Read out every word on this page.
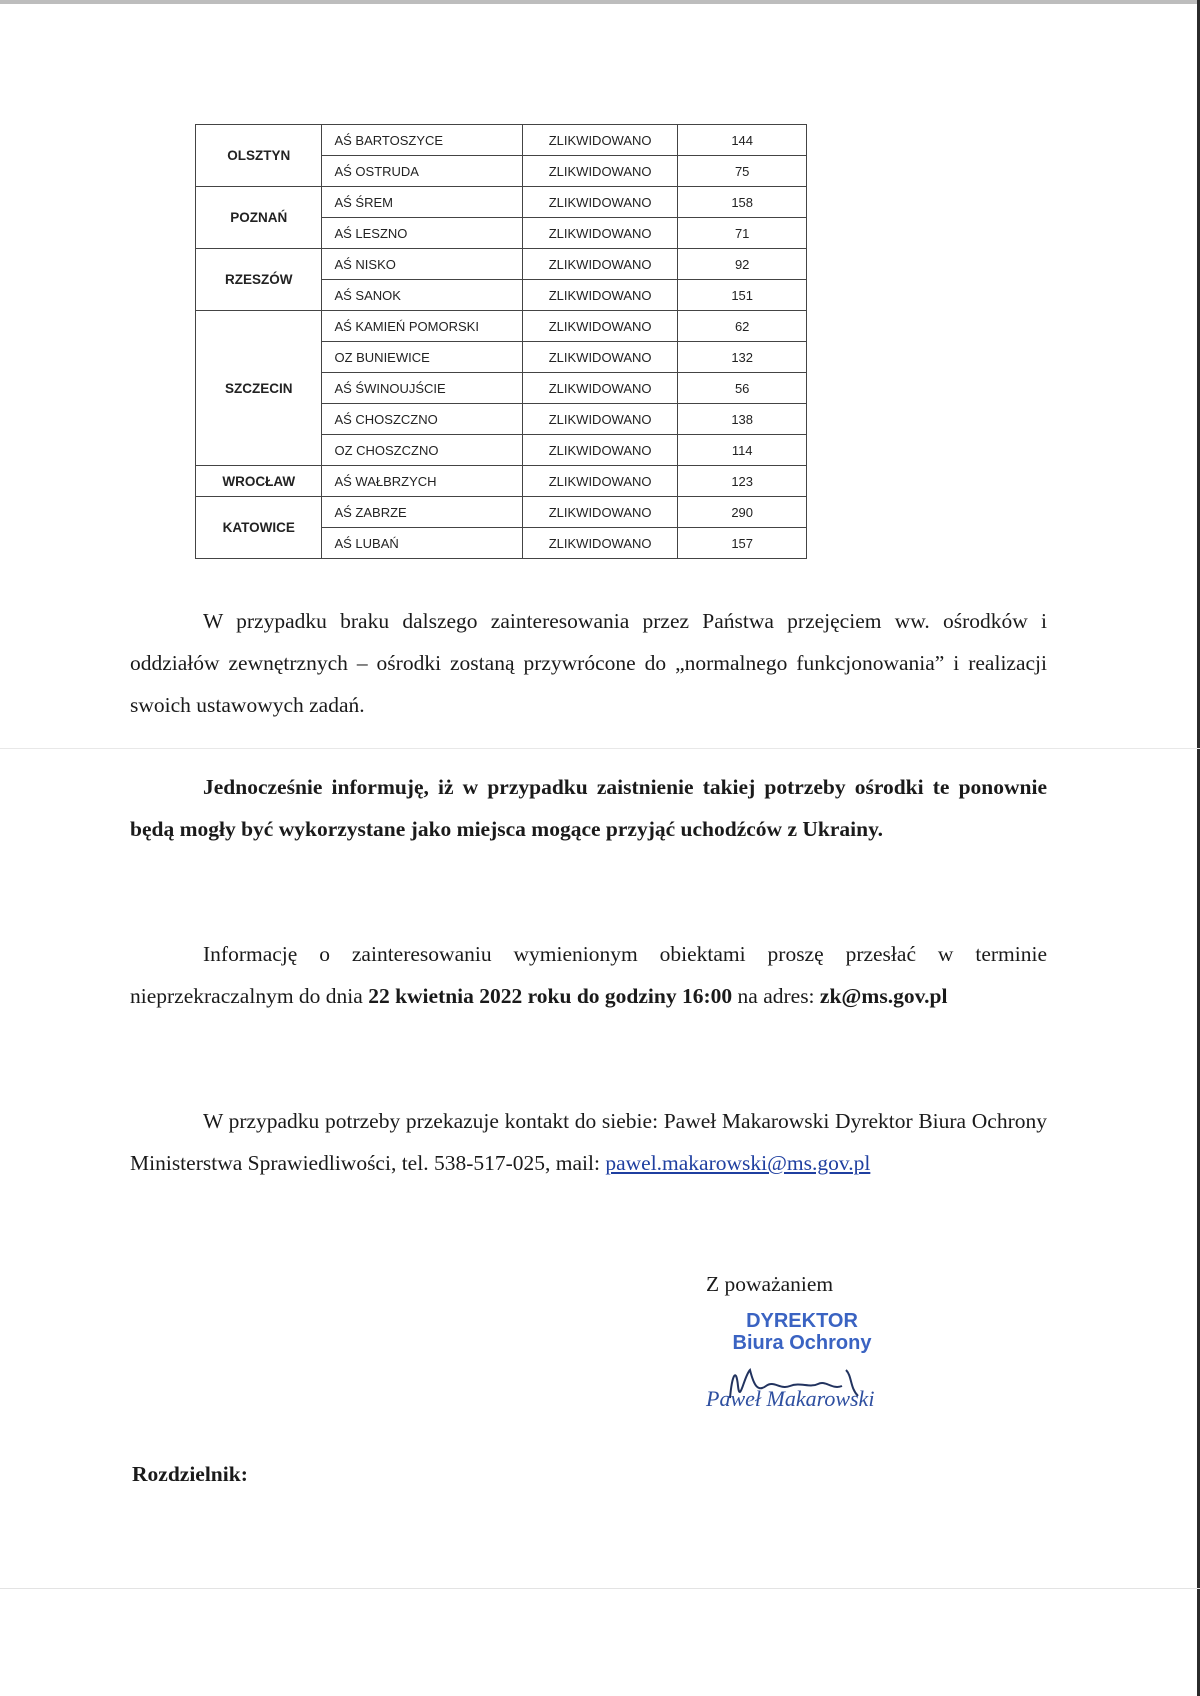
OLSZTYN	AŚ BARTOSZYCE	ZLIKWIDOWANO	144
	AŚ OSTRUDA	ZLIKWIDOWANO	75
POZNAŃ	AŚ ŚREM	ZLIKWIDOWANO	158
	AŚ LESZNO	ZLIKWIDOWANO	71
RZESZÓW	AŚ NISKO	ZLIKWIDOWANO	92
	AŚ SANOK	ZLIKWIDOWANO	151
SZCZECIN	AŚ KAMIEŃ POMORSKI	ZLIKWIDOWANO	62
	OZ BUNIEWICE	ZLIKWIDOWANO	132
	AŚ ŚWINOUJŚCIE	ZLIKWIDOWANO	56
	AŚ CHOSZCZNO	ZLIKWIDOWANO	138
	OZ CHOSZCZNO	ZLIKWIDOWANO	114
WROCŁAW	AŚ WAŁBRZYCH	ZLIKWIDOWANO	123
KATOWICE	AŚ ZABRZE	ZLIKWIDOWANO	290
	AŚ LUBAŃ	ZLIKWIDOWANO	157
W przypadku braku dalszego zainteresowania przez Państwa przejęciem ww. ośrodków i oddziałów zewnętrznych – ośrodki zostaną przywrócone do „normalnego funkcjonowania” i realizacji swoich ustawowych zadań.
Jednocześnie informuję, iż w przypadku zaistnienie takiej potrzeby ośrodki te ponownie będą mogły być wykorzystane jako miejsca mogące przyjąć uchodźców z Ukrainy.
Informację o zainteresowaniu wymienionym obiektami proszę przesłać w terminie nieprzekraczalnym do dnia 22 kwietnia 2022 roku do godziny 16:00 na adres: zk@ms.gov.pl
W przypadku potrzeby przekazuje kontakt do siebie: Paweł Makarowski Dyrektor Biura Ochrony Ministerstwa Sprawiedliwości, tel. 538-517-025, mail: pawel.makarowski@ms.gov.pl
Z poważaniem
DYREKTOR
Biura Ochrony
Paweł Makarowski
Rozdzielnik:
